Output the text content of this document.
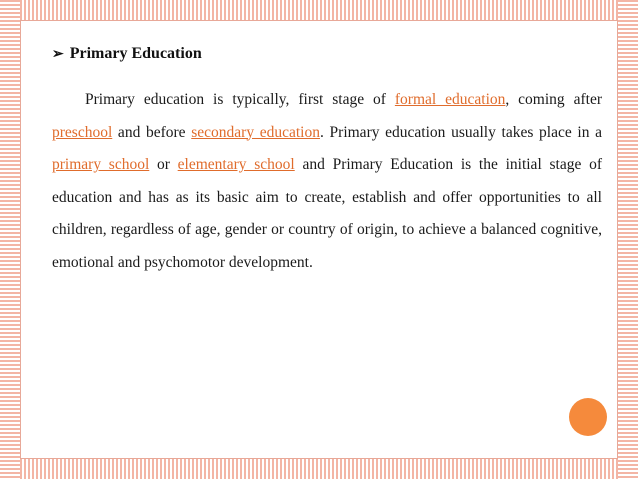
➢ Primary Education
Primary education is typically, first stage of formal education, coming after preschool and before secondary education. Primary education usually takes place in a primary school or elementary school and Primary Education is the initial stage of education and has as its basic aim to create, establish and offer opportunities to all children, regardless of age, gender or country of origin, to achieve a balanced cognitive, emotional and psychomotor development.
